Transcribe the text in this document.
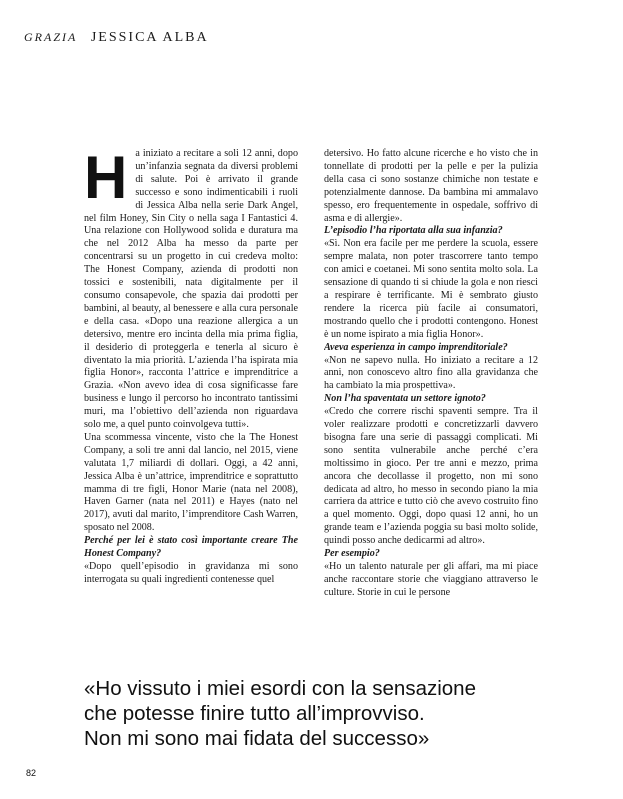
GRAZIA JESSICA ALBA
H a iniziato a recitare a soli 12 anni, dopo un’infanzia segnata da diversi problemi di salute. Poi è arrivato il grande successo e sono indimenticabili i ruoli di Jessica Alba nella serie Dark Angel, nel film Honey, Sin City o nella saga I Fantastici 4. Una relazione con Hollywood solida e duratura ma che nel 2012 Alba ha messo da parte per concentrarsi su un progetto in cui credeva molto: The Honest Company, azienda di prodotti non tossici e sostenibili, nata digitalmente per il consumo consapevole, che spazia dai prodotti per bambini, al beauty, al benessere e alla cura personale e della casa. «Dopo una reazione allergica a un detersivo, mentre ero incinta della mia prima figlia, il desiderio di proteggerla e tenerla al sicuro è diventato la mia priorità. L’azienda l’ha ispirata mia figlia Honor», racconta l’attrice e imprenditrice a Grazia. «Non avevo idea di cosa significasse fare business e lungo il percorso ho incontrato tantissimi muri, ma l’obiettivo dell’azienda non riguardava solo me, a quel punto coinvolgeva tutti».

Una scommessa vincente, visto che la The Honest Company, a soli tre anni dal lancio, nel 2015, viene valutata 1,7 miliardi di dollari. Oggi, a 42 anni, Jessica Alba è un’attrice, imprenditrice e soprattutto mamma di tre figli, Honor Marie (nata nel 2008), Haven Garner (nata nel 2011) e Hayes (nato nel 2017), avuti dal marito, l’imprenditore Cash Warren, sposato nel 2008.

Perché per lei è stato così importante creare The Honest Company?

«Dopo quell’episodio in gravidanza mi sono interrogata su quali ingredienti contenesse quel

detersivo. Ho fatto alcune ricerche e ho visto che in tonnellate di prodotti per la pelle e per la pulizia della casa ci sono sostanze chimiche non testate e potenzialmente dannose. Da bambina mi ammalavo spesso, ero frequentemente in ospedale, soffrivo di asma e di allergie».

L’episodio l’ha riportata alla sua infanzia?

«Sì. Non era facile per me perdere la scuola, essere sempre malata, non poter trascorrere tanto tempo con amici e coetanei. Mi sono sentita molto sola. La sensazione di quando ti si chiude la gola e non riesci a respirare è terrificante. Mi è sembrato giusto rendere la ricerca più facile ai consumatori, mostrando quello che i prodotti contengono. Honest è un nome ispirato a mia figlia Honor».

Aveva esperienza in campo imprenditoriale?

«Non ne sapevo nulla. Ho iniziato a recitare a 12 anni, non conoscevo altro fino alla gravidanza che ha cambiato la mia prospettiva».

Non l’ha spaventata un settore ignoto?

«Credo che correre rischi spaventi sempre. Tra il voler realizzare prodotti e concretizzarli davvero bisogna fare una serie di passaggi complicati. Mi sono sentita vulnerabile anche perché c’era moltissimo in gioco. Per tre anni e mezzo, prima ancora che decollasse il progetto, non mi sono dedicata ad altro, ho messo in secondo piano la mia carriera da attrice e tutto ciò che avevo costruito fino a quel momento. Oggi, dopo quasi 12 anni, ho un grande team e l’azienda poggia su basi molto solide, quindi posso anche dedicarmi ad altro».

Per esempio?

«Ho un talento naturale per gli affari, ma mi piace anche raccontare storie che viaggiano attraverso le culture. Storie in cui le persone

«Ho vissuto i miei esordi con la sensazione
che potesse finire tutto all’improvviso.
Non mi sono mai fidata del successo»
82
